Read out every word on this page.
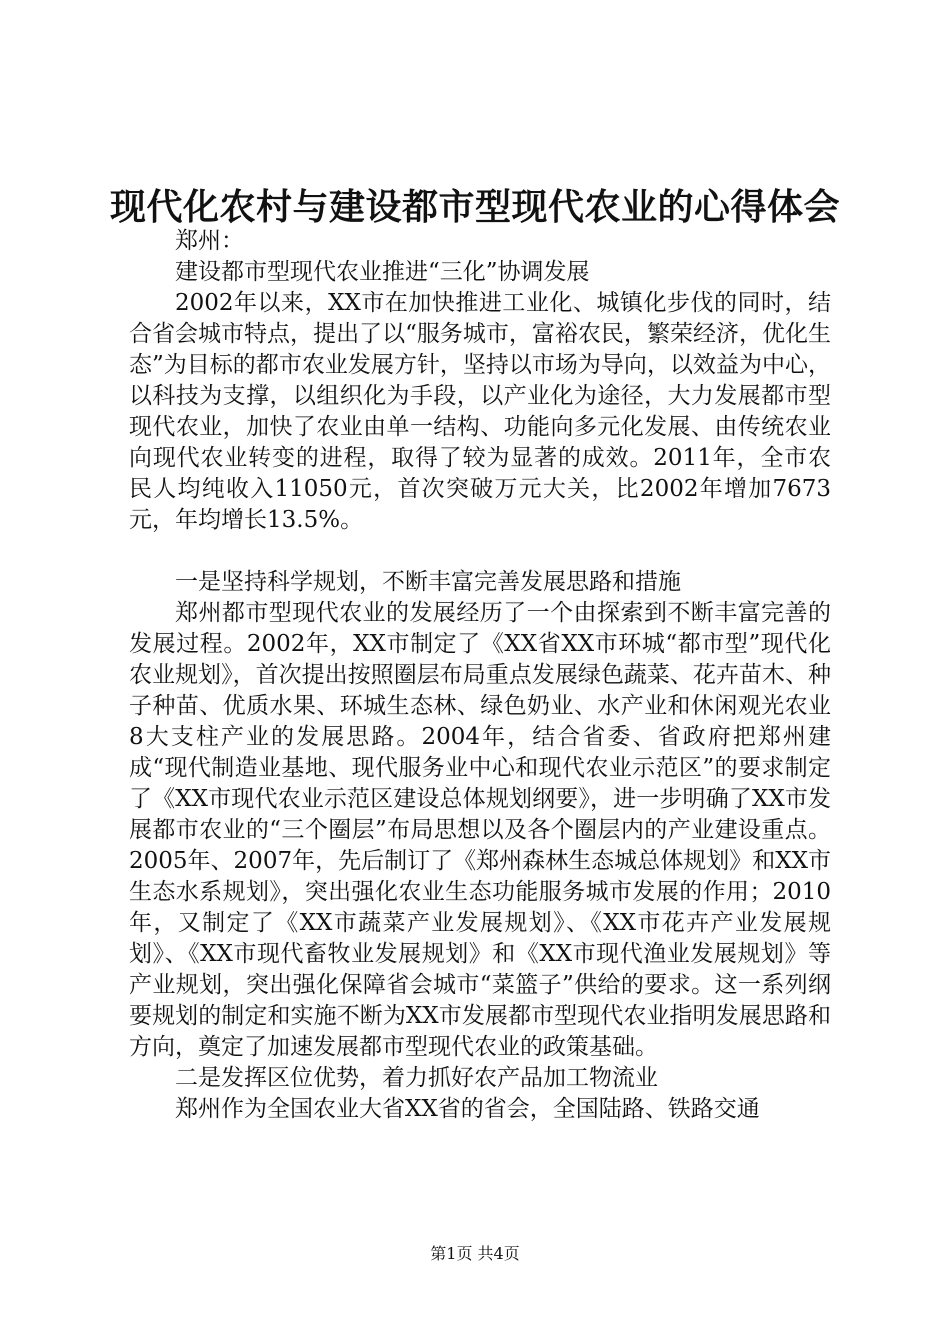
现代化农村与建设都市型现代农业的心得体会

郑州：

建设都市型现代农业推进“三化”协调发展

2002年以来，XX市在加快推进工业化、城镇化步伐的同时，结合省会城市特点，提出了以“服务城市，富裕农民，繁荣经济，优化生态”为目标的都市农业发展方针，坚持以市场为导向，以效益为中心，以科技为支撑，以组织化为手段，以产业化为途径，大力发展都市型现代农业，加快了农业由单一结构、功能向多元化发展、由传统农业向现代农业转变的进程，取得了较为显著的成效。2011年，全市农民人均纯收入11050元，首次突破万元大关，比2002年增加7673元，年均增长13.5%。

一是坚持科学规划，不断丰富完善发展思路和措施

郑州都市型现代农业的发展经历了一个由探索到不断丰富完善的发展过程。2002年，XX市制定了《XX省XX市环城“都市型”现代化农业规划》，首次提出按照圈层布局重点发展绿色蔬菜、花卉苗木、种子种苗、优质水果、环城生态林、绿色奶业、水产业和休闲观光农业8大支柱产业的发展思路。2004年，结合省委、省政府把郑州建成“现代制造业基地、现代服务业中心和现代农业示范区”的要求制定了《XX市现代农业示范区建设总体规划纲要》，进一步明确了XX市发展都市农业的“三个圈层”布局思想以及各个圈层内的产业建设重点。2005年、2007年，先后制订了《郑州森林生态城总体规划》和XX市生态水系规划》，突出强化农业生态功能服务城市发展的作用；2010年，又制定了《XX市蔬菜产业发展规划》、《XX市花卉产业发展规划》、《XX市现代畜牧业发展规划》和《XX市现代渔业发展规划》等产业规划，突出强化保障省会城市“菜篮子”供给的要求。这一系列纲要规划的制定和实施不断为XX市发展都市型现代农业指明发展思路和方向，奠定了加速发展都市型现代农业的政策基础。

二是发挥区位优势，着力抓好农产品加工物流业

郑州作为全国农业大省XX省的省会，全国陆路、铁路交通

第1页 共4页
